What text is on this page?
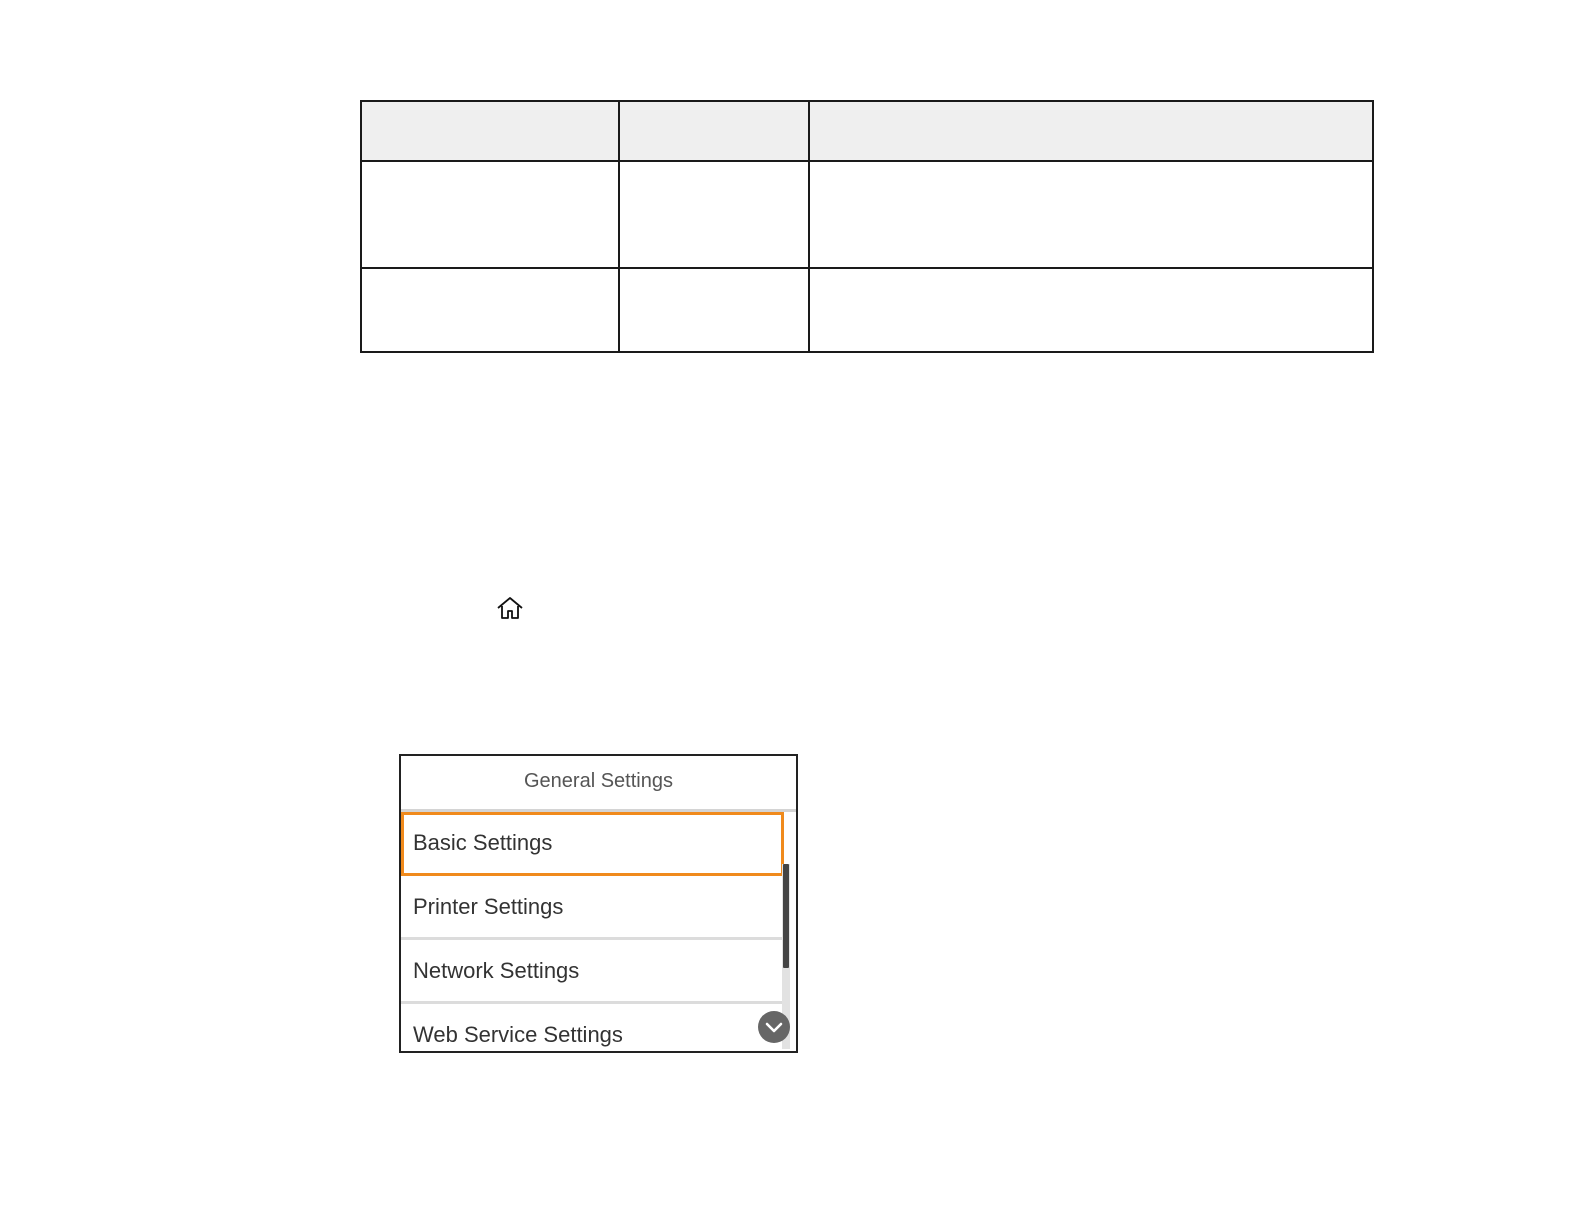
General Settings
Basic Settings
Printer Settings
Network Settings
Web Service Settings
